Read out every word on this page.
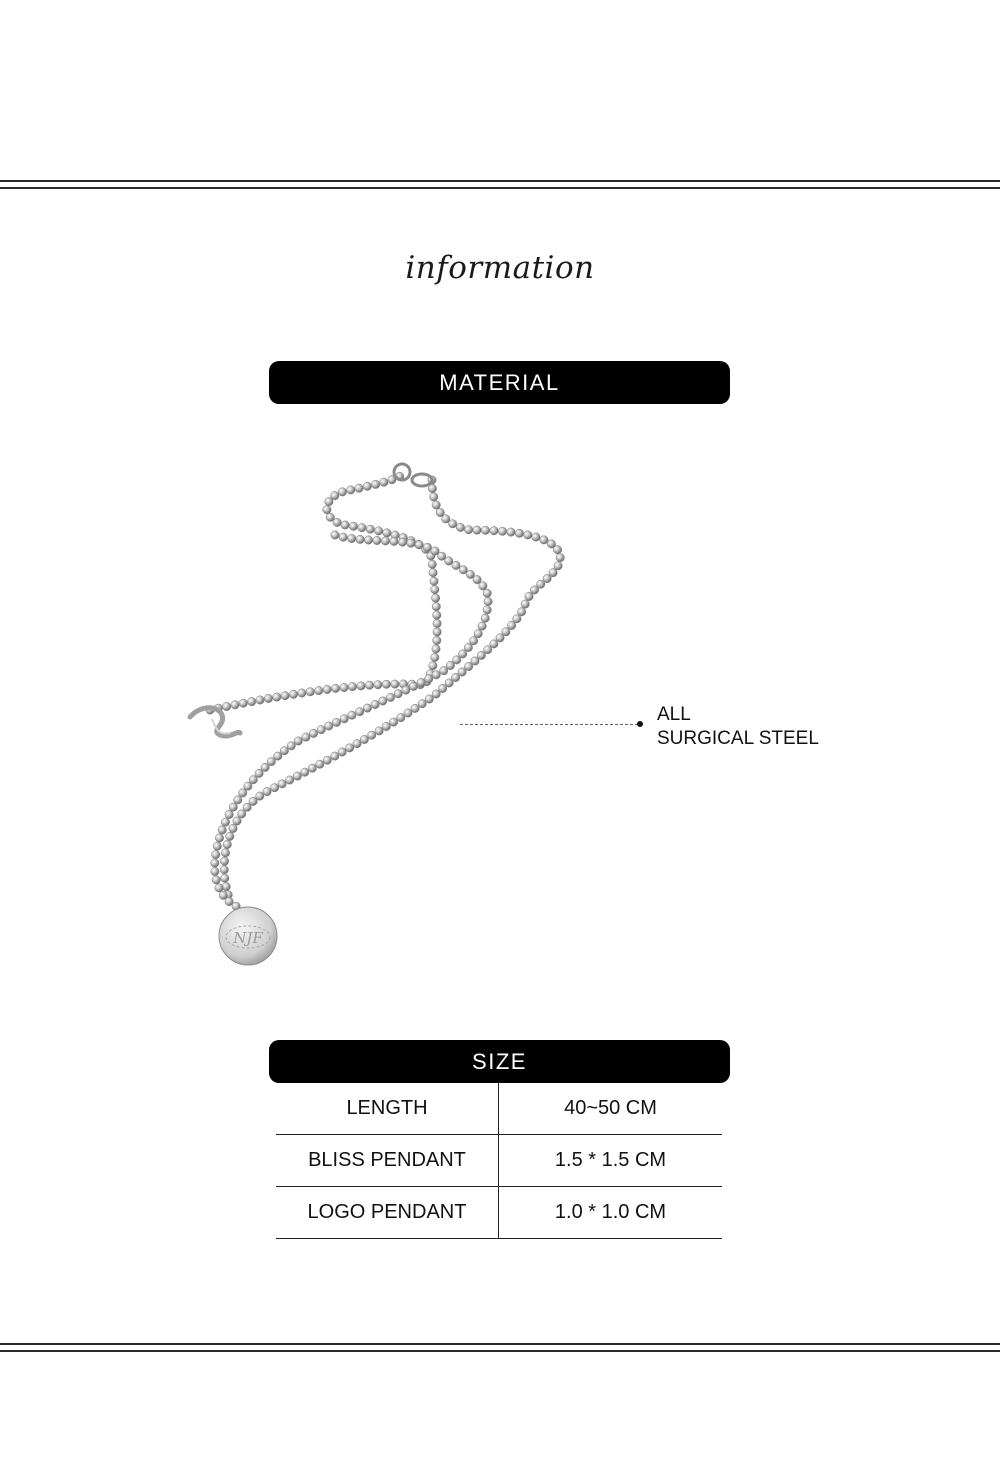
information
MATERIAL
NJF
ALL
SURGICAL STEEL
SIZE
LENGTH	40~50 CM
BLISS PENDANT	1.5 * 1.5 CM
LOGO PENDANT	1.0 * 1.0 CM
